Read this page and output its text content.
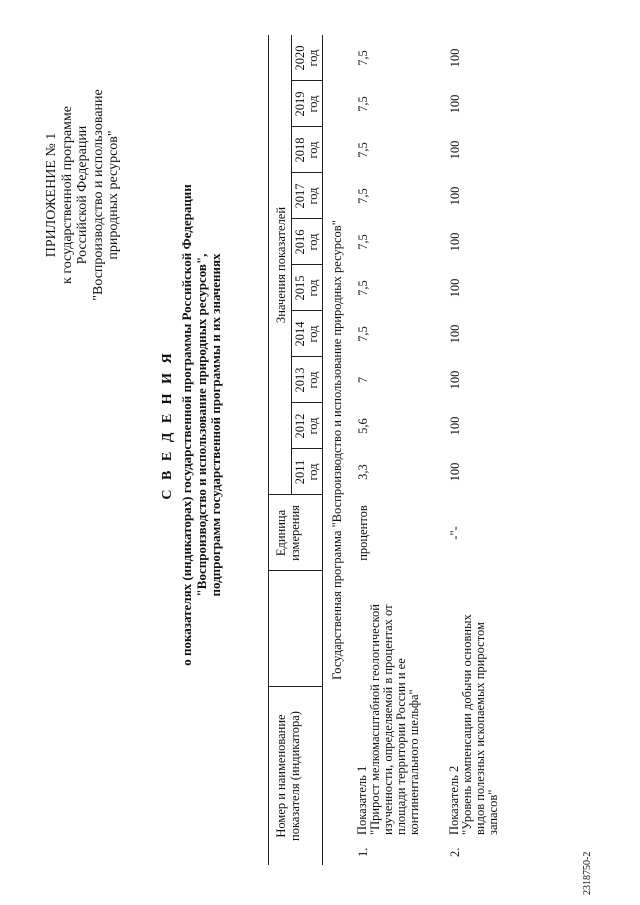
ПРИЛОЖЕНИЕ № 1 к государственной программе Российской Федерации "Воспроизводство и использование природных ресурсов"
С В Е Д Е Н И Я о показателях (индикаторах) государственной программы Российской Федерации "Воспроизводство и использование природных ресурсов", подпрограмм государственной программы и их значениях
Номер и наименование показателя (индикатора)
Единица измерения
Значения показателей
2011
год
2012
год
2013
год
2014
год
2015
год
2016
год
2017
год
2018
год
2019
год
2020
год
Государственная программа "Воспроизводство и использование природных ресурсов"
1.
Показатель 1 "Прирост мелкомасштабной геологической изученности, определяемой в процентах от площади территории России и ее континентального шельфа"
процентов
3,3
5,6
7
7,5
7,5
7,5
7,5
7,5
7,5
7,5
2.
Показатель 2 "Уровень компенсации добычи основных видов полезных ископаемых приростом запасов"
-"-
100
100
100
100
100
100
100
100
100
100
2318750-2
